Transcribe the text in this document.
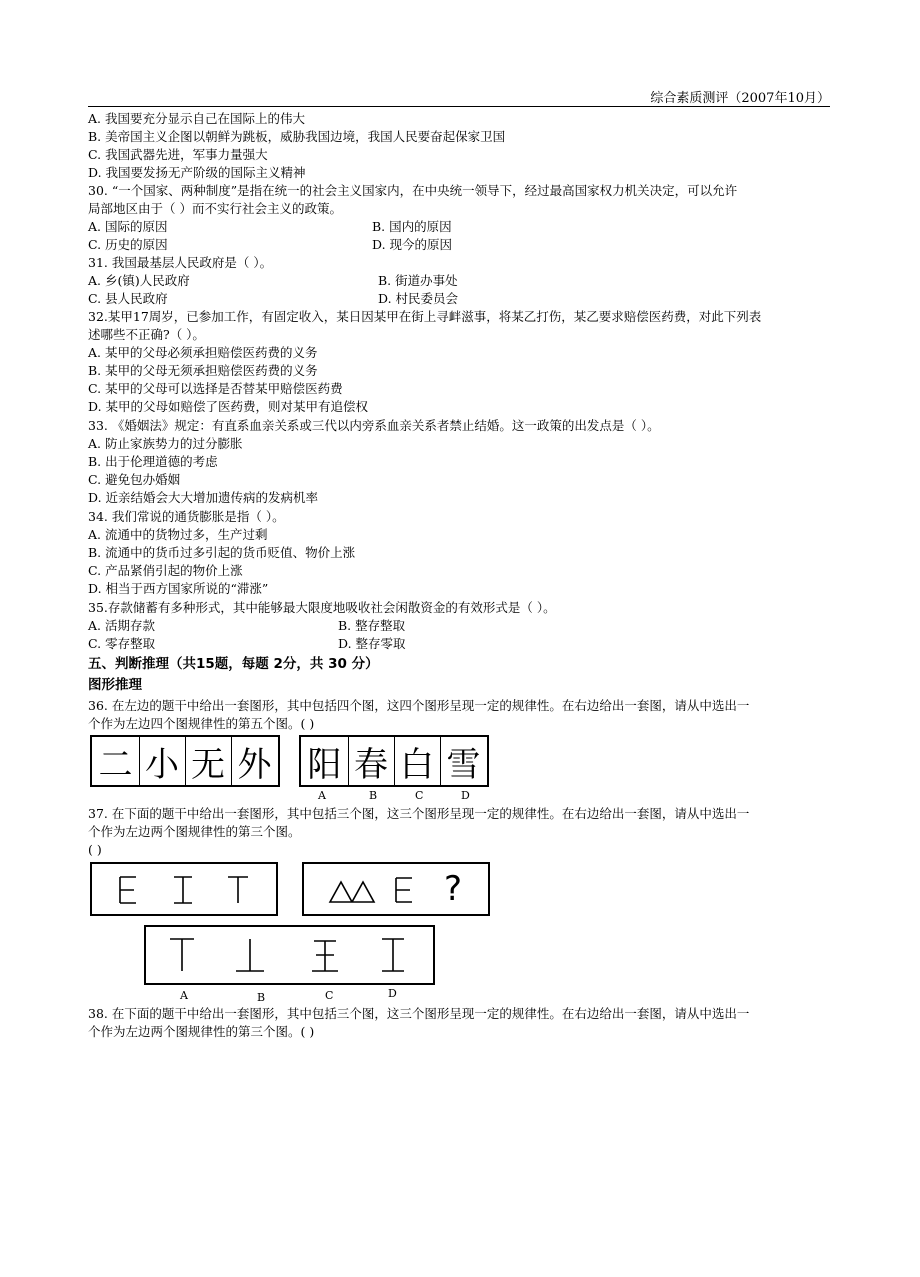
综合素质测评（2007年10月）
A. 我国要充分显示自己在国际上的伟大
B. 美帝国主义企图以朝鲜为跳板，威胁我国边境，我国人民要奋起保家卫国
C. 我国武器先进，军事力量强大
D. 我国要发扬无产阶级的国际主义精神
30. “一个国家、两种制度”是指在统一的社会主义国家内，在中央统一领导下，经过最高国家权力机关决定，可以允许
局部地区由于（ ）而不实行社会主义的政策。
A. 国际的原因	B. 国内的原因
C. 历史的原因	D. 现今的原因
31. 我国最基层人民政府是（ ）。
A. 乡(镇)人民政府	B. 街道办事处
C. 县人民政府	D. 村民委员会
32.某甲17周岁，已参加工作，有固定收入，某日因某甲在街上寻衅滋事，将某乙打伤，某乙要求赔偿医药费，对此下列表
述哪些不正确?（ ）。
A. 某甲的父母必须承担赔偿医药费的义务
B. 某甲的父母无须承担赔偿医药费的义务
C. 某甲的父母可以选择是否替某甲赔偿医药费
D. 某甲的父母如赔偿了医药费，则对某甲有追偿权
33. 《婚姻法》规定：有直系血亲关系或三代以内旁系血亲关系者禁止结婚。这一政策的出发点是（ ）。
A. 防止家族势力的过分膨胀
B. 出于伦理道德的考虑
C. 避免包办婚姻
D. 近亲结婚会大大增加遗传病的发病机率
34. 我们常说的通货膨胀是指（ ）。
A. 流通中的货物过多，生产过剩
B. 流通中的货币过多引起的货币贬值、物价上涨
C. 产品紧俏引起的物价上涨
D. 相当于西方国家所说的“滞涨”
35.存款储蓄有多种形式，其中能够最大限度地吸收社会闲散资金的有效形式是（ ）。
A. 活期存款	B. 整存整取
C. 零存整取	D. 整存零取
五、判断推理（共15题，每题 2分，共 30 分）
图形推理
36. 在左边的题干中给出一套图形，其中包括四个图，这四个图形呈现一定的规律性。在右边给出一套图，请从中选出一
个作为左边四个图规律性的第五个图。( )
二 小 无 外 阳 春 白 雪
A	B	C	D
37. 在下面的题干中给出一套图形，其中包括三个图，这三个图形呈现一定的规律性。在右边给出一套图，请从中选出一
个作为左边两个图规律性的第三个图。
( )
?
A	B	C	D
38. 在下面的题干中给出一套图形，其中包括三个图，这三个图形呈现一定的规律性。在右边给出一套图，请从中选出一
个作为左边两个图规律性的第三个图。( )
